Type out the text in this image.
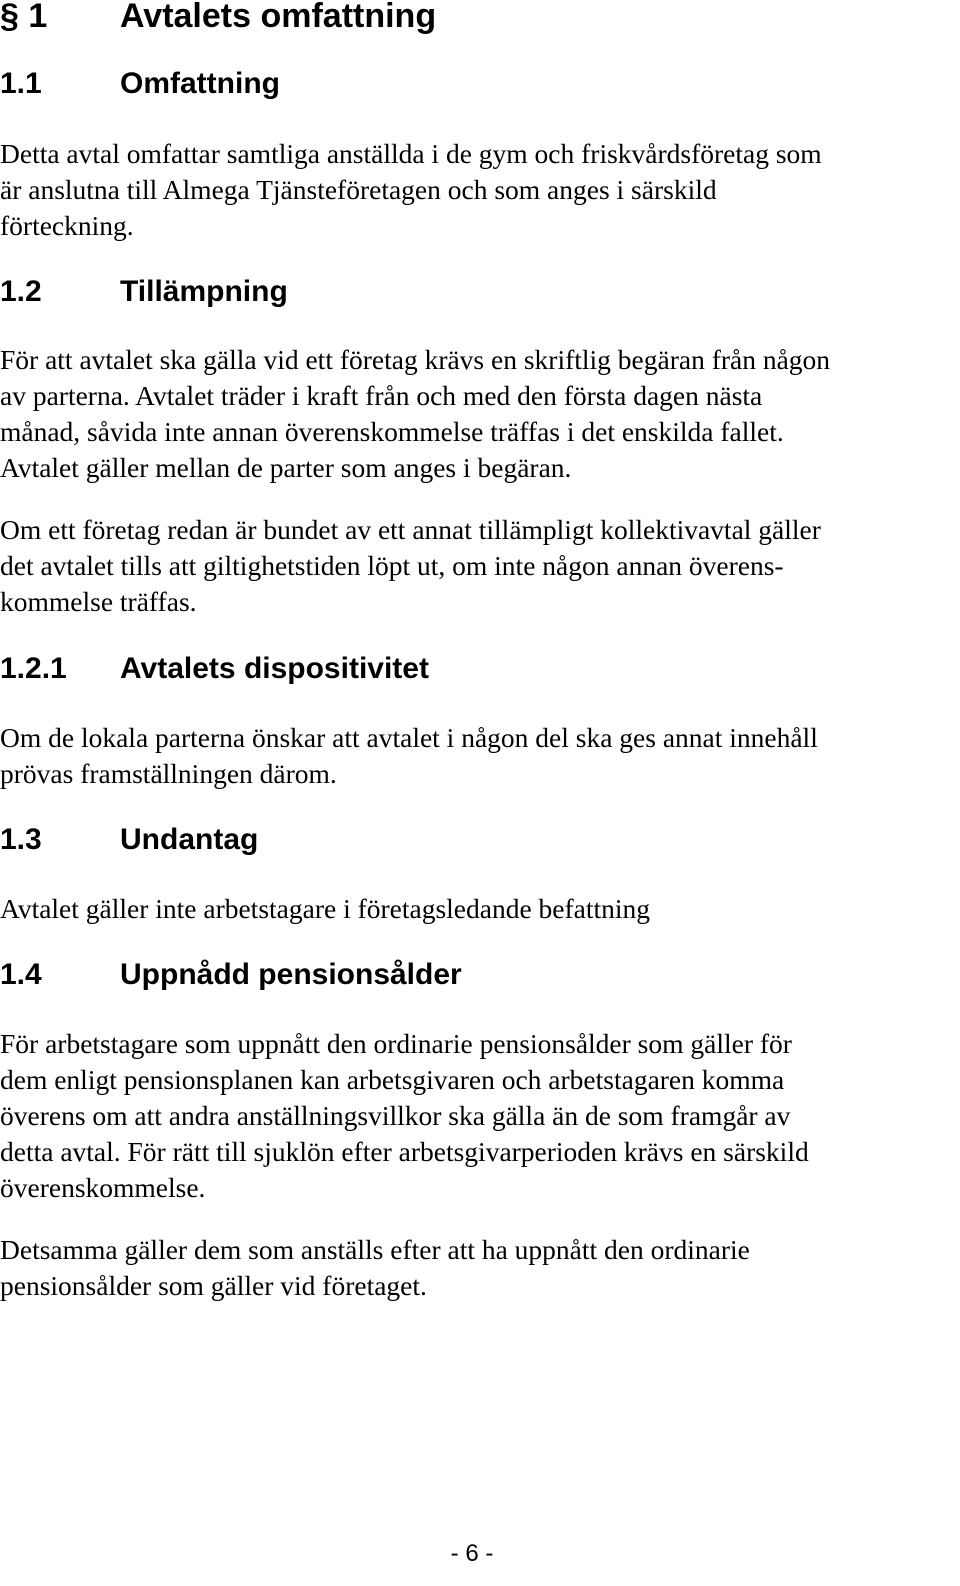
§ 1 Avtalets omfattning
1.1	Omfattning

Detta avtal omfattar samtliga anställda i de gym och friskvårdsföretag som
är anslutna till Almega Tjänsteföretagen och som anges i särskild
förteckning.

1.2	Tillämpning

För att avtalet ska gälla vid ett företag krävs en skriftlig begäran från någon
av parterna. Avtalet träder i kraft från och med den första dagen nästa
månad, såvida inte annan överenskommelse träffas i det enskilda fallet.
Avtalet gäller mellan de parter som anges i begäran.

Om ett företag redan är bundet av ett annat tillämpligt kollektivavtal gäller
det avtalet tills att giltighetstiden löpt ut, om inte någon annan överens-
kommelse träffas.

1.2.1 Avtalets dispositivitet

Om de lokala parterna önskar att avtalet i någon del ska ges annat innehåll
prövas framställningen därom.

1.3	Undantag

Avtalet gäller inte arbetstagare i företagsledande befattning

1.4	Uppnådd pensionsålder

För arbetstagare som uppnått den ordinarie pensionsålder som gäller för
dem enligt pensionsplanen kan arbetsgivaren och arbetstagaren komma
överens om att andra anställningsvillkor ska gälla än de som framgår av
detta avtal. För rätt till sjuklön efter arbetsgivarperioden krävs en särskild
överenskommelse.

Detsamma gäller dem som anställs efter att ha uppnått den ordinarie
pensionsålder som gäller vid företaget.

- 6 -
